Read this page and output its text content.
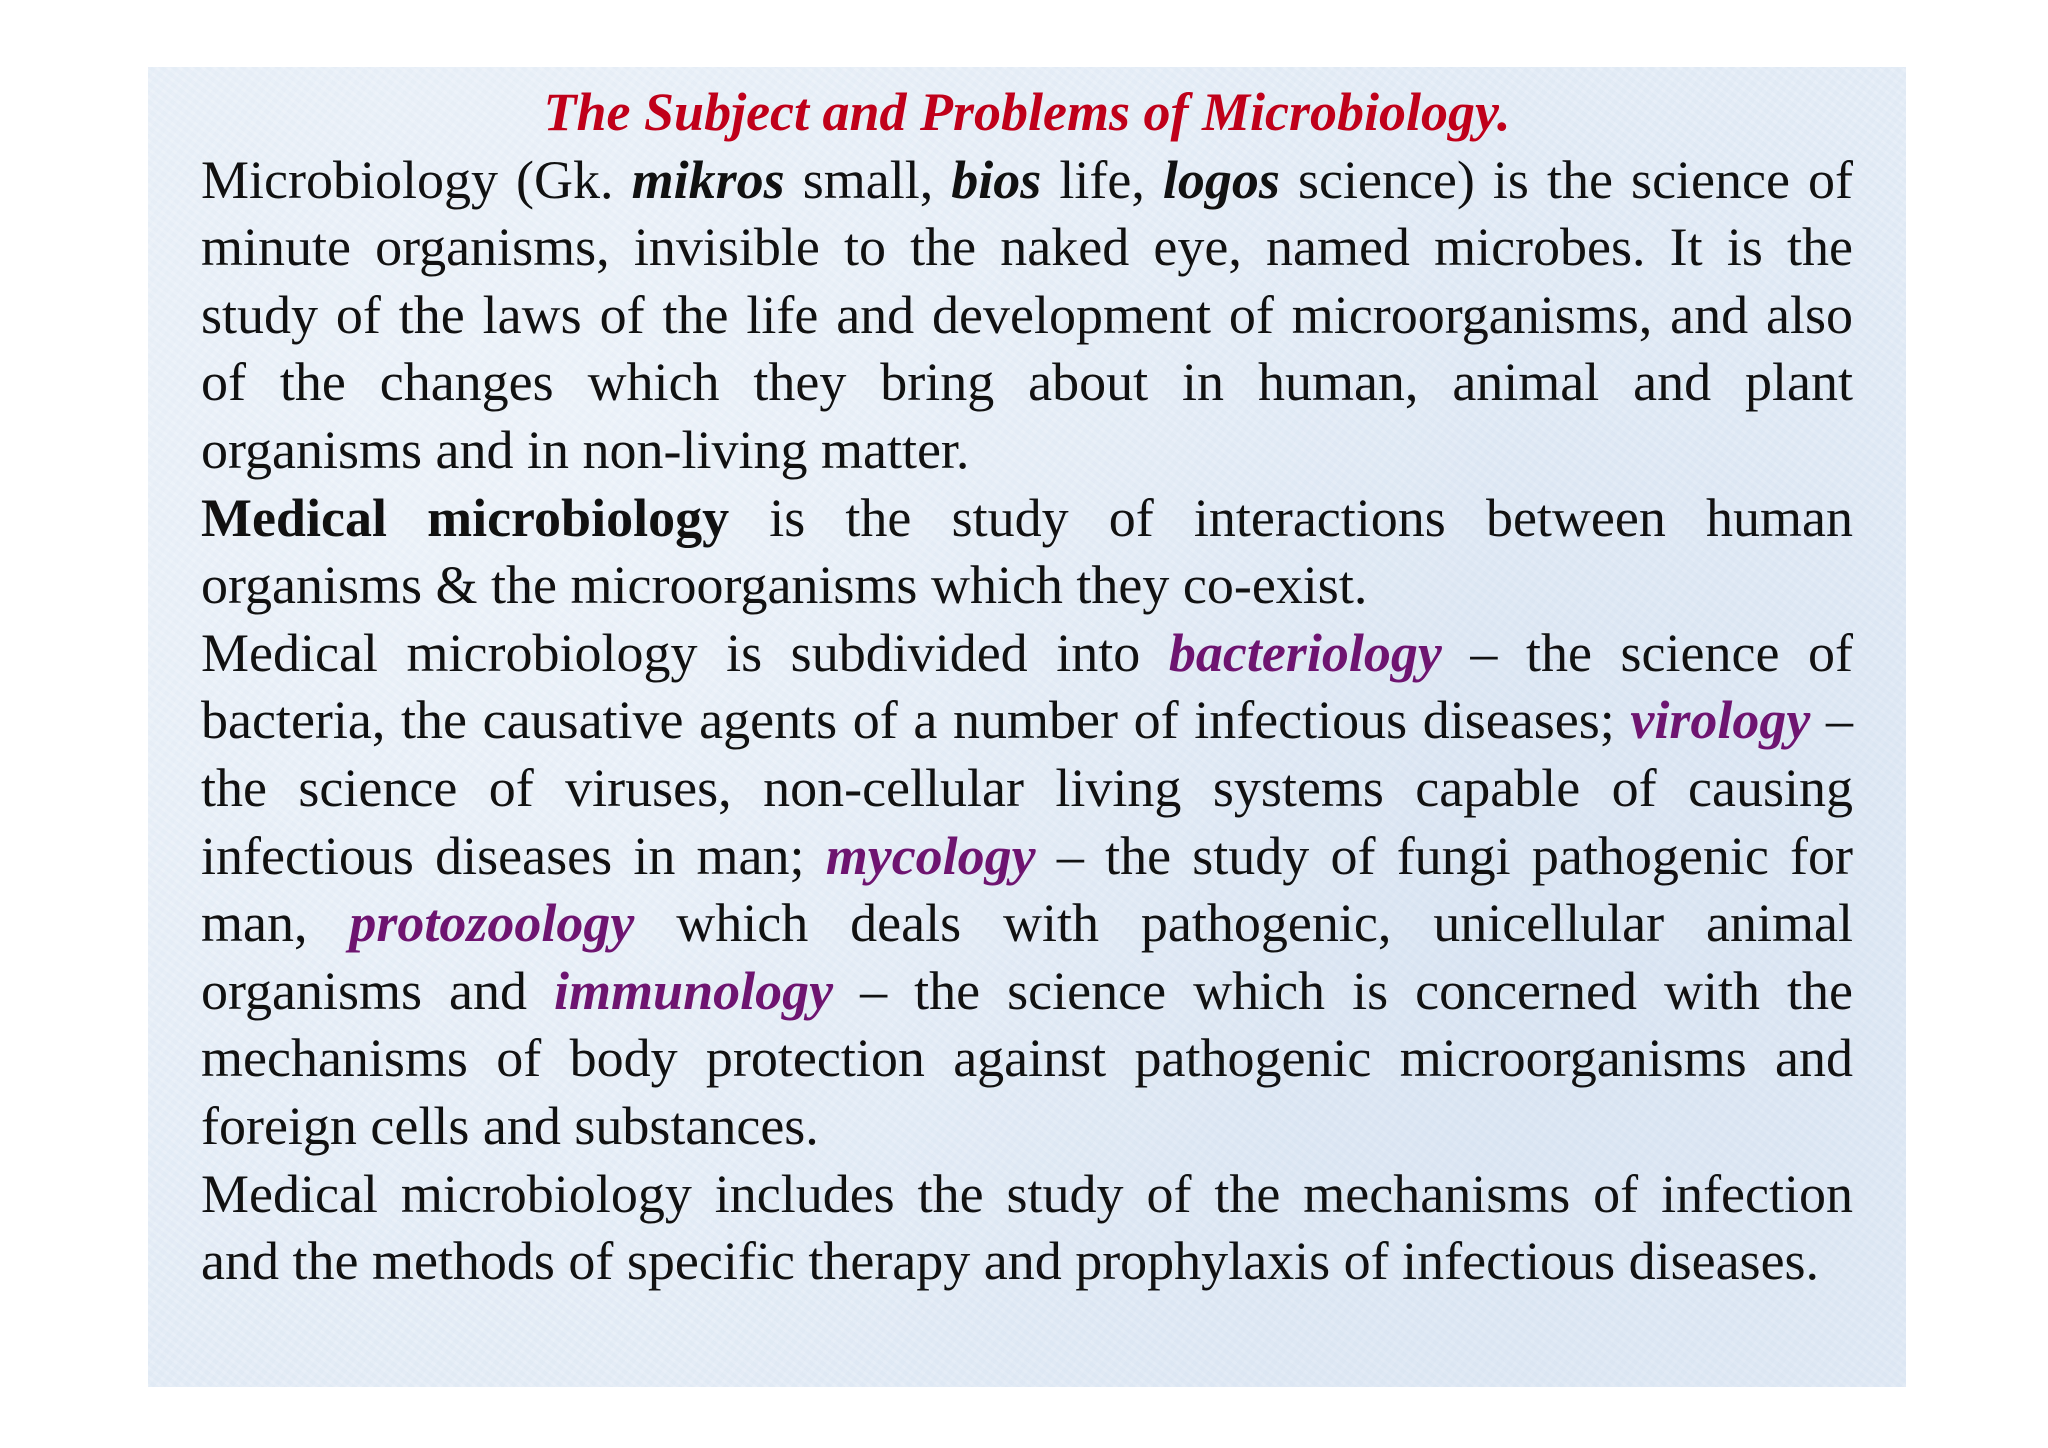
The Subject and Problems of Microbiology.

Microbiology (Gk. mikros small, bios life, logos science) is the science of minute organisms, invisible to the naked eye, named microbes. It is the study of the laws of the life and development of microorganisms, and also of the changes which they bring about in human, animal and plant organisms and in non-living matter.

Medical microbiology is the study of interactions between human organisms & the microorganisms which they co-exist.

Medical microbiology is subdivided into bacteriology – the science of bacteria, the causative agents of a number of infectious diseases; virology – the science of viruses, non-cellular living systems capable of causing infectious diseases in man; mycology – the study of fungi pathogenic for man, protozoology which deals with pathogenic, unicellular animal organisms and immunology – the science which is concerned with the mechanisms of body protection against pathogenic microorganisms and foreign cells and substances.

Medical microbiology includes the study of the mechanisms of infection and the methods of specific therapy and prophylaxis of infectious diseases.
